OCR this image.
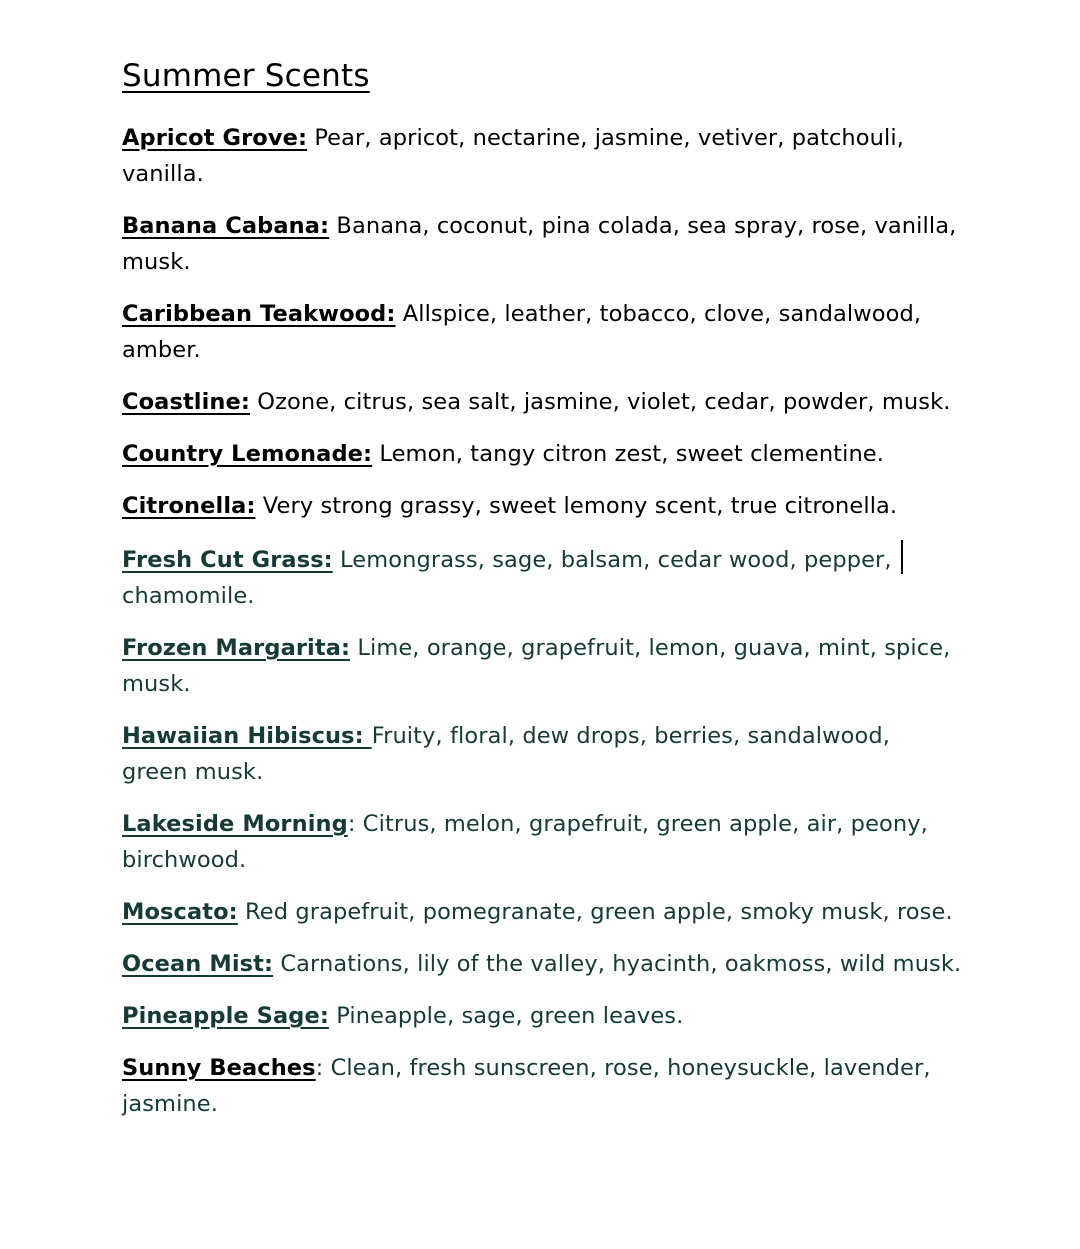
Summer Scents

Apricot Grove: Pear, apricot, nectarine, jasmine, vetiver, patchouli, vanilla.

Banana Cabana: Banana, coconut, pina colada, sea spray, rose, vanilla, musk.

Caribbean Teakwood: Allspice, leather, tobacco, clove, sandalwood, amber.

Coastline: Ozone, citrus, sea salt, jasmine, violet, cedar, powder, musk.

Country Lemonade: Lemon, tangy citron zest, sweet clementine.

Citronella: Very strong grassy, sweet lemony scent, true citronella.

Fresh Cut Grass: Lemongrass, sage, balsam, cedar wood, pepper,
chamomile.

Frozen Margarita: Lime, orange, grapefruit, lemon, guava, mint, spice, musk.

Hawaiian Hibiscus: Fruity, floral, dew drops, berries, sandalwood, green musk.

Lakeside Morning: Citrus, melon, grapefruit, green apple, air, peony, birchwood.

Moscato: Red grapefruit, pomegranate, green apple, smoky musk, rose.

Ocean Mist: Carnations, lily of the valley, hyacinth, oakmoss, wild musk.

Pineapple Sage: Pineapple, sage, green leaves.

Sunny Beaches: Clean, fresh sunscreen, rose, honeysuckle, lavender, jasmine.
